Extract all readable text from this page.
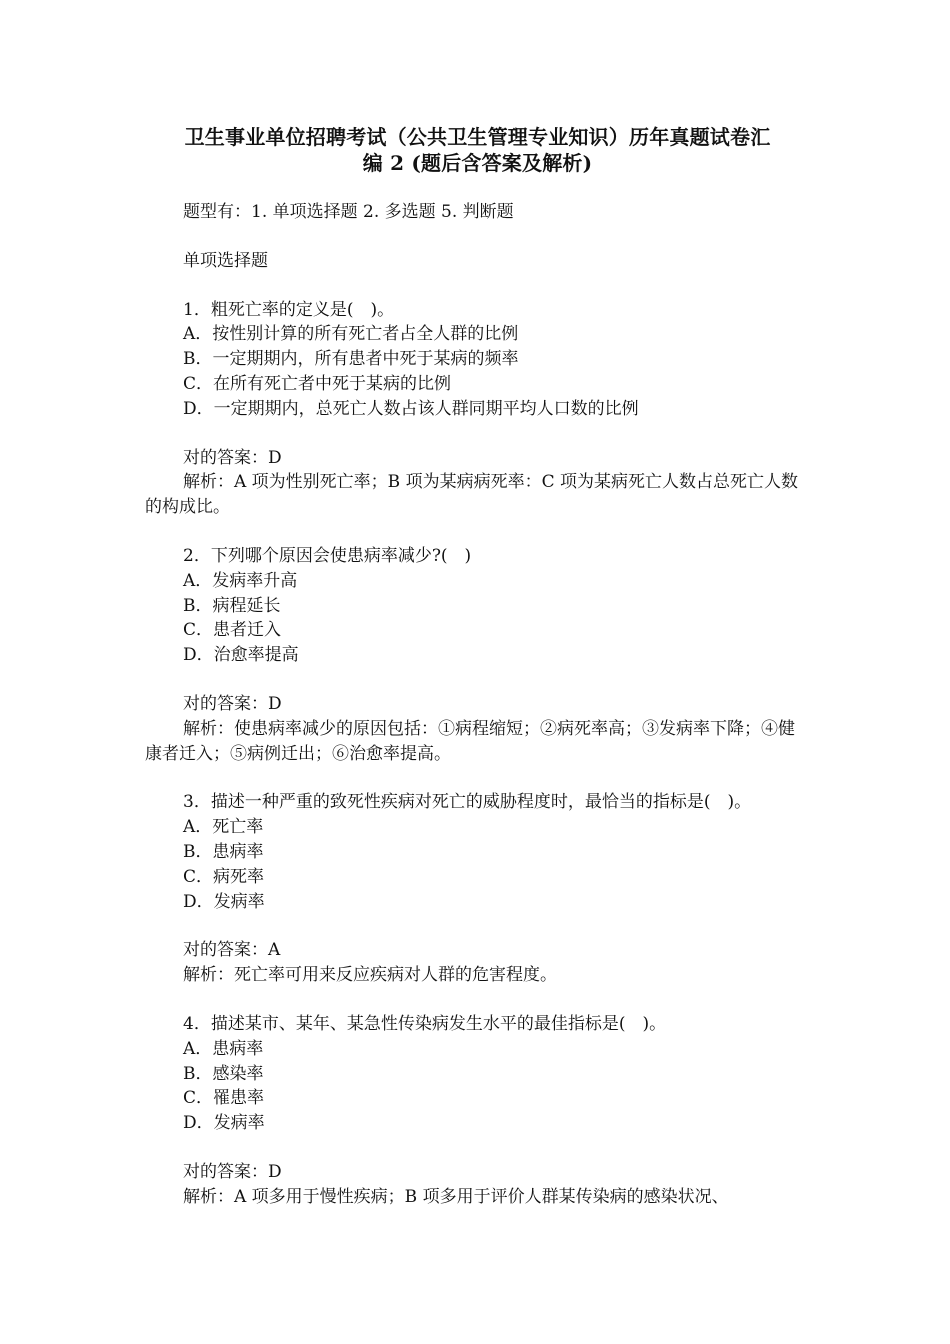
卫生事业单位招聘考试（公共卫生管理专业知识）历年真题试卷汇

编 2 (题后含答案及解析)

题型有：1. 单项选择题 2. 多选题 5. 判断题

单项选择题

1．粗死亡率的定义是(　)。

A．按性别计算的所有死亡者占全人群的比例

B．一定期期内，所有患者中死于某病的频率

C．在所有死亡者中死于某病的比例

D．一定期期内，总死亡人数占该人群同期平均人口数的比例

对的答案：D

解析：A 项为性别死亡率；B 项为某病病死率：C 项为某病死亡人数占总死亡人数的构成比。

2．下列哪个原因会使患病率减少?(　)

A．发病率升高

B．病程延长

C．患者迁入

D．治愈率提高

对的答案：D

解析：使患病率减少的原因包括：①病程缩短；②病死率高；③发病率下降；④健康者迁入；⑤病例迁出；⑥治愈率提高。

3．描述一种严重的致死性疾病对死亡的威胁程度时，最恰当的指标是(　)。

A．死亡率

B．患病率

C．病死率

D．发病率

对的答案：A

解析：死亡率可用来反应疾病对人群的危害程度。

4．描述某市、某年、某急性传染病发生水平的最佳指标是(　)。

A．患病率

B．感染率

C．罹患率

D．发病率

对的答案：D

解析：A 项多用于慢性疾病；B 项多用于评价人群某传染病的感染状况、
